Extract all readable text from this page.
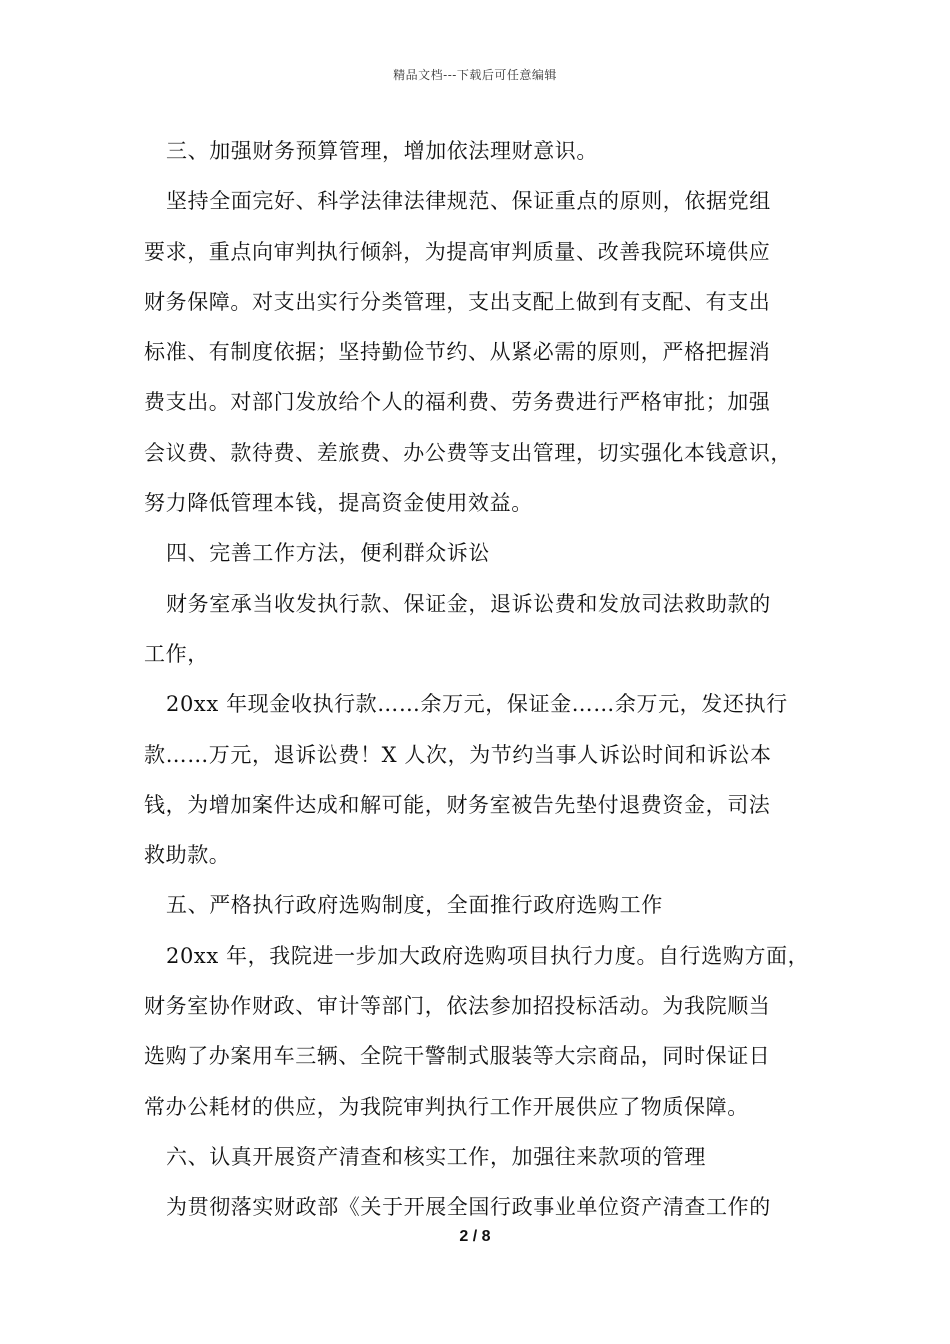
精品文档---下载后可任意编辑
三、加强财务预算管理，增加依法理财意识。
坚持全面完好、科学法律法律规范、保证重点的原则，依据党组
要求，重点向审判执行倾斜，为提高审判质量、改善我院环境供应
财务保障。对支出实行分类管理，支出支配上做到有支配、有支出
标准、有制度依据；坚持勤俭节约、从紧必需的原则，严格把握消
费支出。对部门发放给个人的福利费、劳务费进行严格审批；加强
会议费、款待费、差旅费、办公费等支出管理，切实强化本钱意识，
努力降低管理本钱，提高资金使用效益。
四、完善工作方法，便利群众诉讼
财务室承当收发执行款、保证金，退诉讼费和发放司法救助款的
工作，
20xx 年现金收执行款……余万元，保证金……余万元，发还执行
款……万元，退诉讼费！X 人次，为节约当事人诉讼时间和诉讼本
钱，为增加案件达成和解可能，财务室被告先垫付退费资金，司法
救助款。
五、严格执行政府选购制度，全面推行政府选购工作
20xx 年，我院进一步加大政府选购项目执行力度。自行选购方面，
财务室协作财政、审计等部门，依法参加招投标活动。为我院顺当
选购了办案用车三辆、全院干警制式服装等大宗商品，同时保证日
常办公耗材的供应，为我院审判执行工作开展供应了物质保障。
六、认真开展资产清查和核实工作，加强往来款项的管理
为贯彻落实财政部《关于开展全国行政事业单位资产清查工作的
2 / 8
